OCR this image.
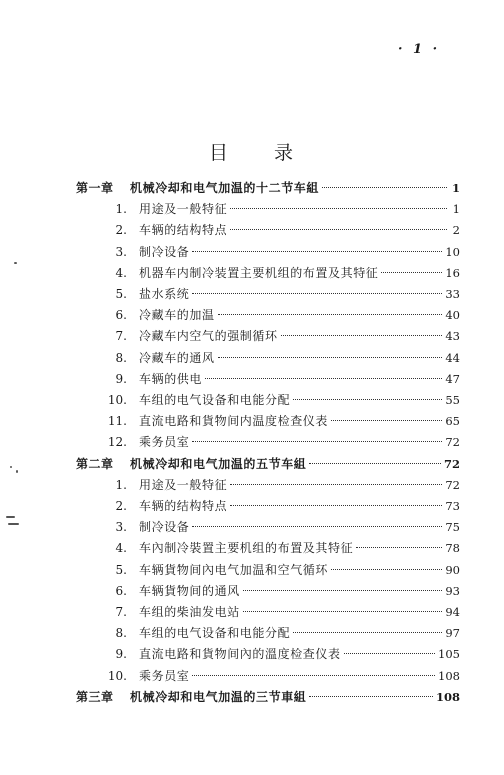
· 1 ·
目 录
第一章	机械冷却和电气加温的十二节车組	1
1. 用途及一般特征	1
2. 车辆的结构特点	2
3. 制冷设备	10
4. 机器车内制冷装置主要机组的布置及其特征	16
5. 盐水系统	33
6. 冷藏车的加温	40
7. 冷藏车内空气的强制循环	43
8. 冷藏车的通风	44
9. 车辆的供电	47
10. 车组的电气设备和电能分配	55
11. 直流电路和貨物间内温度检查仪表	65
12. 乘务员室	72
第二章	机械冷却和电气加温的五节车組	72
1. 用途及一般特征	72
2. 车辆的结构特点	73
3. 制冷设备	75
4. 车內制冷裝置主要机组的布置及其特征	78
5. 车辆貨物间內电气加温和空气循环	90
6. 车辆貨物间的通风	93
7. 车组的柴油发电站	94
8. 车组的电气设备和电能分配	97
9. 直流电路和貨物间內的溫度检查仪表	105
10. 乘务员室	108
第三章	机械冷却和电气加温的三节車組	108
